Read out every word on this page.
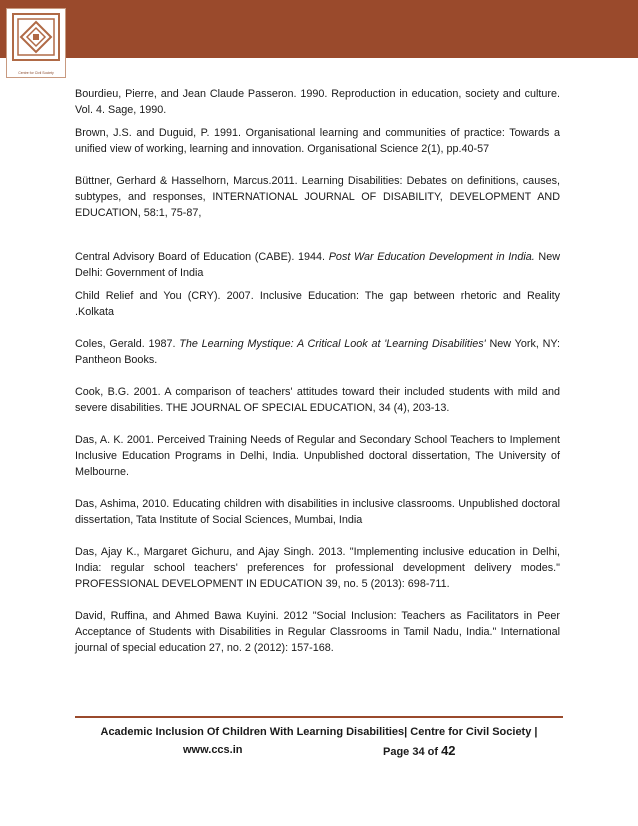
Centre for Civil Society

Bourdieu, Pierre, and Jean Claude Passeron. 1990. Reproduction in education, society and culture. Vol. 4. Sage, 1990.

Brown, J.S. and Duguid, P. 1991. Organisational learning and communities of practice: Towards a unified view of working, learning and innovation. Organisational Science 2(1), pp.40-57

Büttner, Gerhard & Hasselhorn, Marcus.2011. Learning Disabilities: Debates on definitions, causes, subtypes, and responses, INTERNATIONAL JOURNAL OF DISABILITY, DEVELOPMENT AND EDUCATION, 58:1, 75-87,

Central Advisory Board of Education (CABE). 1944. Post War Education Development in India. New Delhi: Government of India

Child Relief and You (CRY). 2007. Inclusive Education: The gap between rhetoric and Reality .Kolkata

Coles, Gerald. 1987. The Learning Mystique: A Critical Look at 'Learning Disabilities' New York, NY: Pantheon Books.

Cook, B.G. 2001. A comparison of teachers' attitudes toward their included students with mild and severe disabilities. THE JOURNAL OF SPECIAL EDUCATION, 34 (4), 203-13.

Das, A. K. 2001. Perceived Training Needs of Regular and Secondary School Teachers to Implement Inclusive Education Programs in Delhi, India. Unpublished doctoral dissertation, The University of Melbourne.

Das, Ashima, 2010. Educating children with disabilities in inclusive classrooms. Unpublished doctoral dissertation, Tata Institute of Social Sciences, Mumbai, India

Das, Ajay K., Margaret Gichuru, and Ajay Singh. 2013. "Implementing inclusive education in Delhi, India: regular school teachers' preferences for professional development delivery modes." PROFESSIONAL DEVELOPMENT IN EDUCATION 39, no. 5 (2013): 698-711.

David, Ruffina, and Ahmed Bawa Kuyini. 2012 "Social Inclusion: Teachers as Facilitators in Peer Acceptance of Students with Disabilities in Regular Classrooms in Tamil Nadu, India." International journal of special education 27, no. 2 (2012): 157-168.

Academic Inclusion Of Children With Learning Disabilities| Centre for Civil Society |
www.ccs.in	Page 34 of 42
